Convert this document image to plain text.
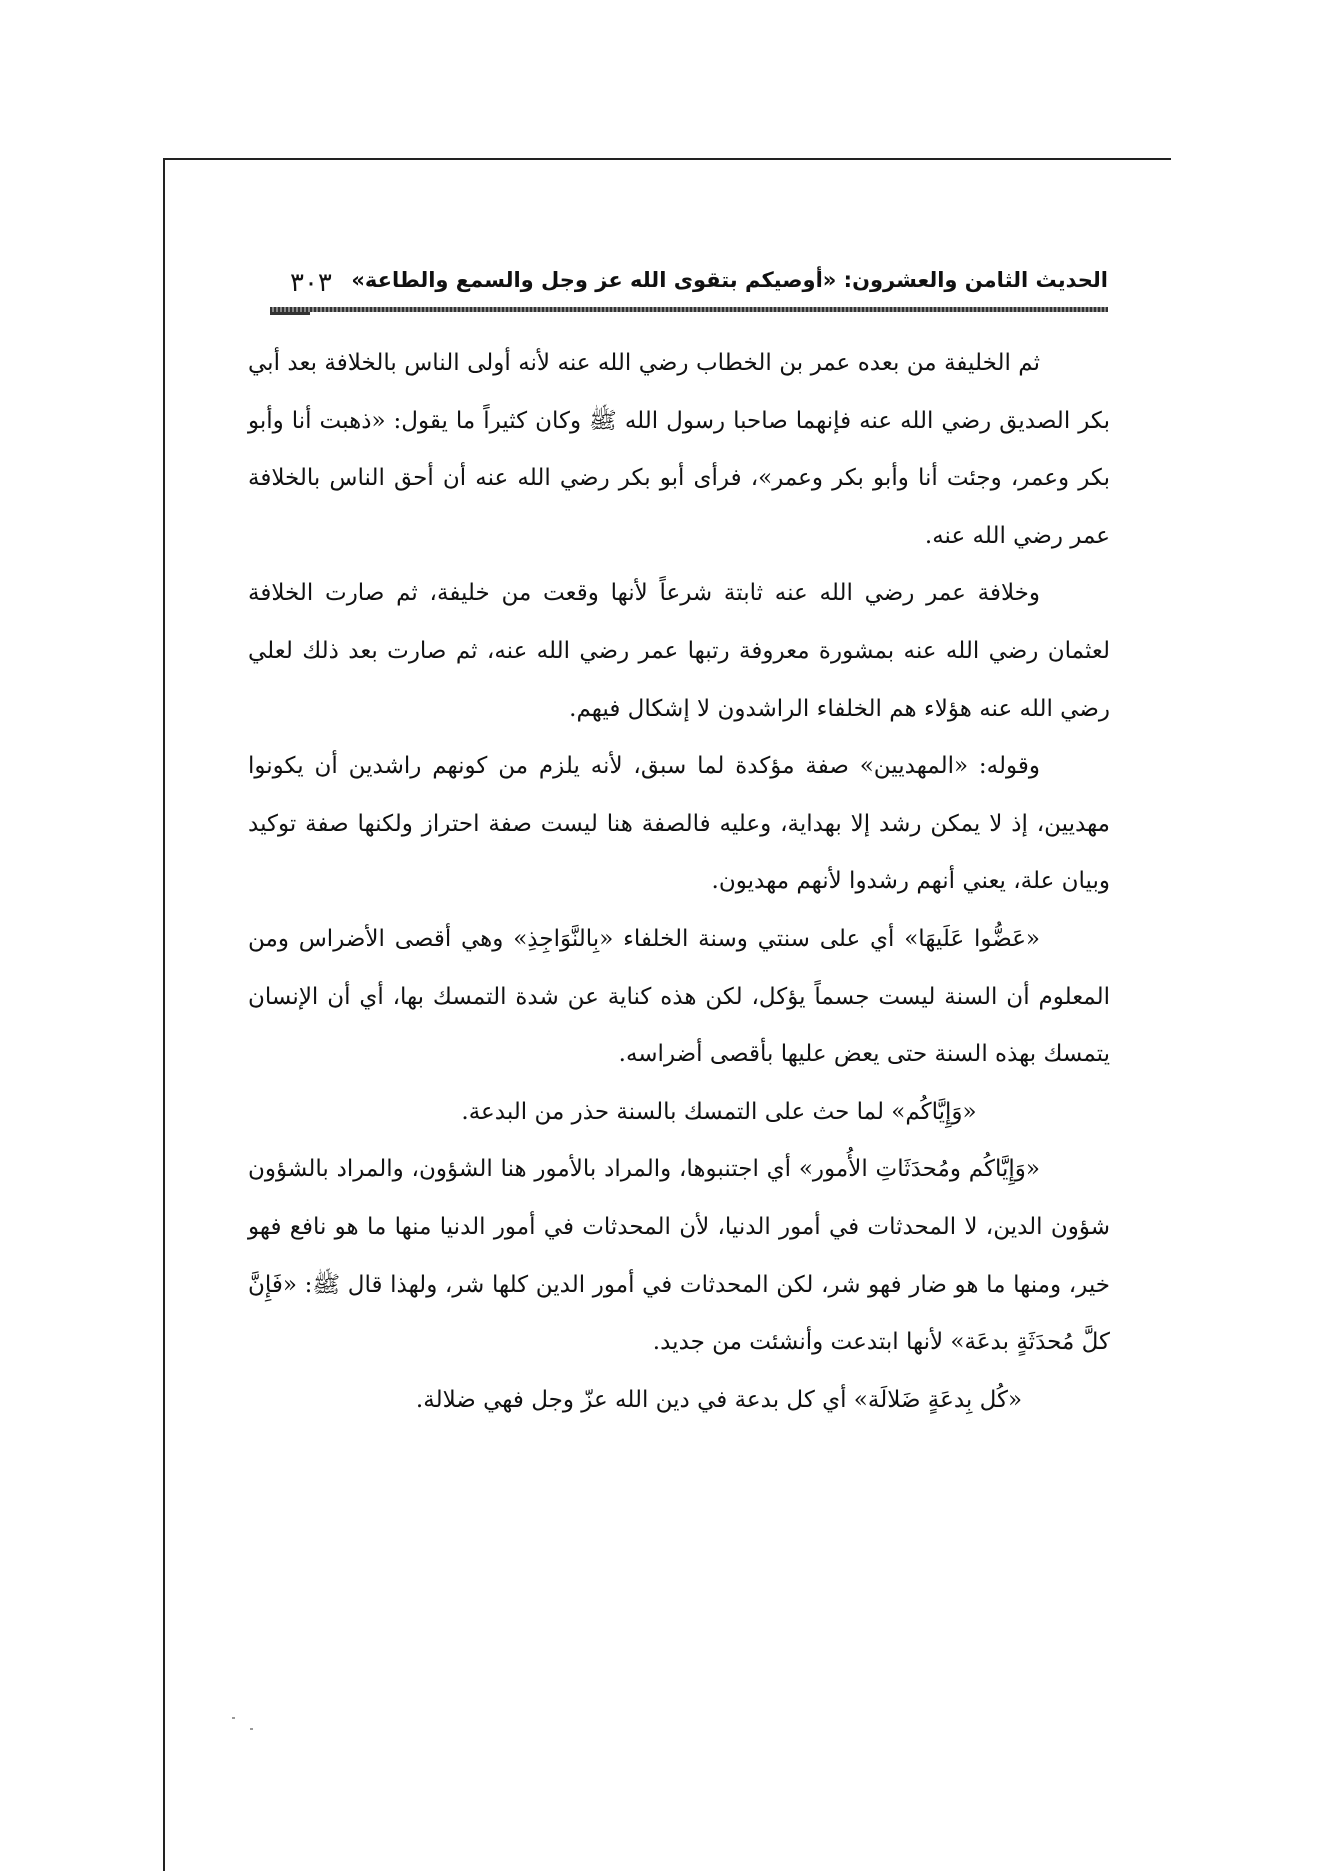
الحديث الثامن والعشرون: «أوصيكم بتقوى الله عز وجل والسمع والطاعة»
٣٠٣

ثم الخليفة من بعده عمر بن الخطاب رضي الله عنه لأنه أولى الناس بالخلافة بعد أبي بكر الصديق رضي الله عنه فإنهما صاحبا رسول الله ﷺ وكان كثيراً ما يقول: «ذهبت أنا وأبو بكر وعمر، وجئت أنا وأبو بكر وعمر»، فرأى أبو بكر رضي الله عنه أن أحق الناس بالخلافة عمر رضي الله عنه.

وخلافة عمر رضي الله عنه ثابتة شرعاً لأنها وقعت من خليفة، ثم صارت الخلافة لعثمان رضي الله عنه بمشورة معروفة رتبها عمر رضي الله عنه، ثم صارت بعد ذلك لعلي رضي الله عنه هؤلاء هم الخلفاء الراشدون لا إشكال فيهم.

وقوله: «المهديين» صفة مؤكدة لما سبق، لأنه يلزم من كونهم راشدين أن يكونوا مهديين، إذ لا يمكن رشد إلا بهداية، وعليه فالصفة هنا ليست صفة احتراز ولكنها صفة توكيد وبيان علة، يعني أنهم رشدوا لأنهم مهديون.

«عَضُّوا عَلَيهَا» أي على سنتي وسنة الخلفاء «بِالنَّوَاجِذِ» وهي أقصى الأضراس ومن المعلوم أن السنة ليست جسماً يؤكل، لكن هذه كناية عن شدة التمسك بها، أي أن الإنسان يتمسك بهذه السنة حتى يعض عليها بأقصى أضراسه.

«وَإِيَّاكُم» لما حث على التمسك بالسنة حذر من البدعة.

«وَإِيَّاكُم ومُحدَثَاتِ الأُمور» أي اجتنبوها، والمراد بالأمور هنا الشؤون، والمراد بالشؤون شؤون الدين، لا المحدثات في أمور الدنيا، لأن المحدثات في أمور الدنيا منها ما هو نافع فهو خير، ومنها ما هو ضار فهو شر، لكن المحدثات في أمور الدين كلها شر، ولهذا قال ﷺ: «فَإِنَّ كلَّ مُحدَثَةٍ بدعَة» لأنها ابتدعت وأنشئت من جديد.

«كُل بِدعَةٍ ضَلالَة» أي كل بدعة في دين الله عزّ وجل فهي ضلالة.
